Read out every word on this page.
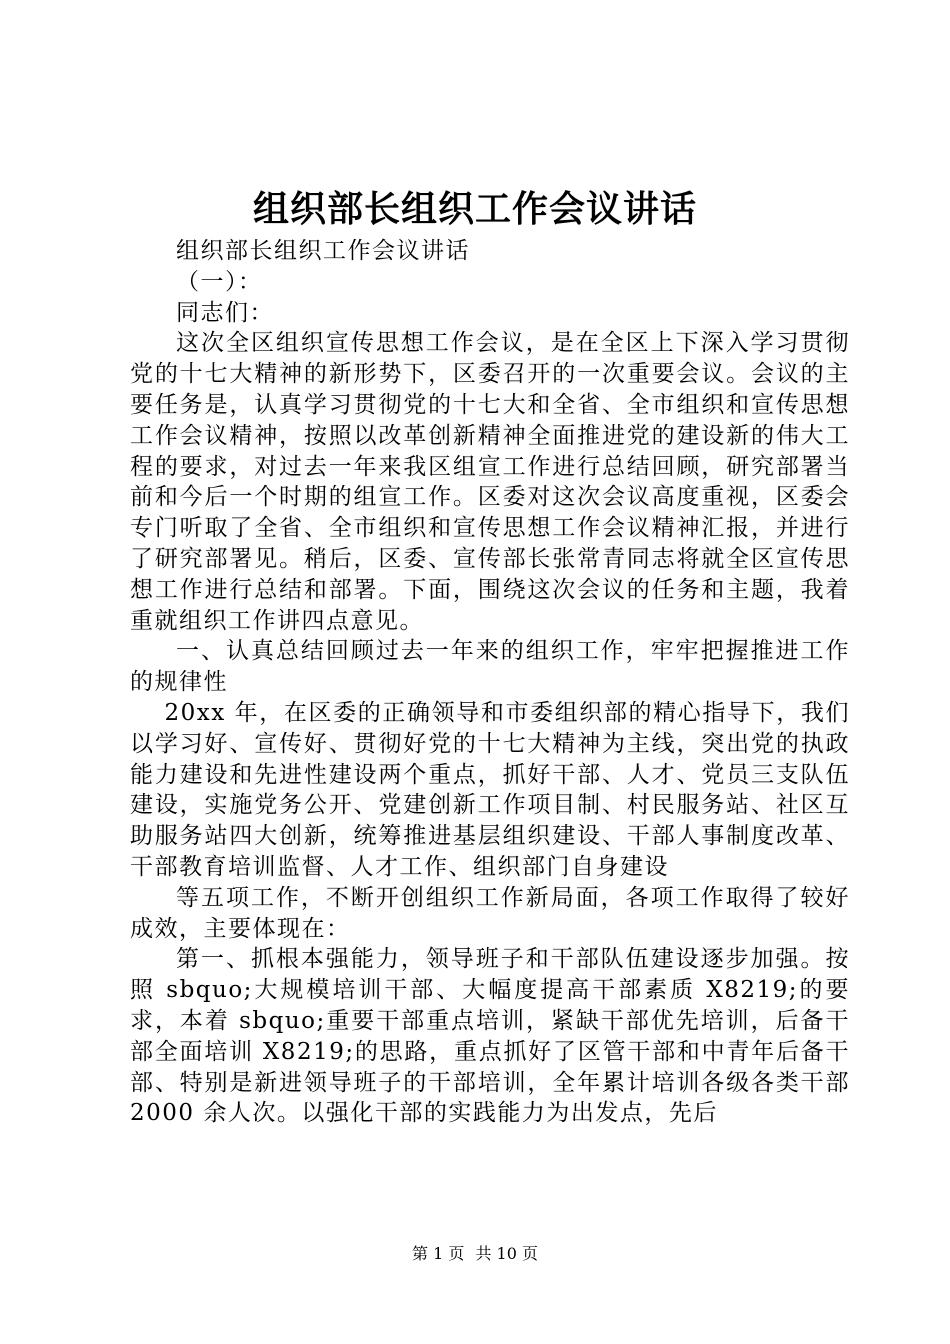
组织部长组织工作会议讲话

组织部长组织工作会议讲话

（一）：

同志们：

这次全区组织宣传思想工作会议，是在全区上下深入学习贯彻党的十七大精神的新形势下，区委召开的一次重要会议。会议的主要任务是，认真学习贯彻党的十七大和全省、全市组织和宣传思想工作会议精神，按照以改革创新精神全面推进党的建设新的伟大工程的要求，对过去一年来我区组宣工作进行总结回顾，研究部署当前和今后一个时期的组宣工作。区委对这次会议高度重视，区委会专门听取了全省、全市组织和宣传思想工作会议精神汇报，并进行了研究部署见。稍后，区委、宣传部长张常青同志将就全区宣传思想工作进行总结和部署。下面，围绕这次会议的任务和主题，我着重就组织工作讲四点意见。

一、认真总结回顾过去一年来的组织工作，牢牢把握推进工作的规律性

20xx 年，在区委的正确领导和市委组织部的精心指导下，我们以学习好、宣传好、贯彻好党的十七大精神为主线，突出党的执政能力建设和先进性建设两个重点，抓好干部、人才、党员三支队伍建设，实施党务公开、党建创新工作项目制、村民服务站、社区互助服务站四大创新，统筹推进基层组织建设、干部人事制度改革、干部教育培训监督、人才工作、组织部门自身建设

等五项工作，不断开创组织工作新局面，各项工作取得了较好成效，主要体现在：

第一、抓根本强能力，领导班子和干部队伍建设逐步加强。按照 sbquo;大规模培训干部、大幅度提高干部素质 X8219;的要求，本着 sbquo;重要干部重点培训，紧缺干部优先培训，后备干部全面培训 X8219;的思路，重点抓好了区管干部和中青年后备干部、特别是新进领导班子的干部培训，全年累计培训各级各类干部 2000 余人次。以强化干部的实践能力为出发点，先后

第 1 页 共 10 页
